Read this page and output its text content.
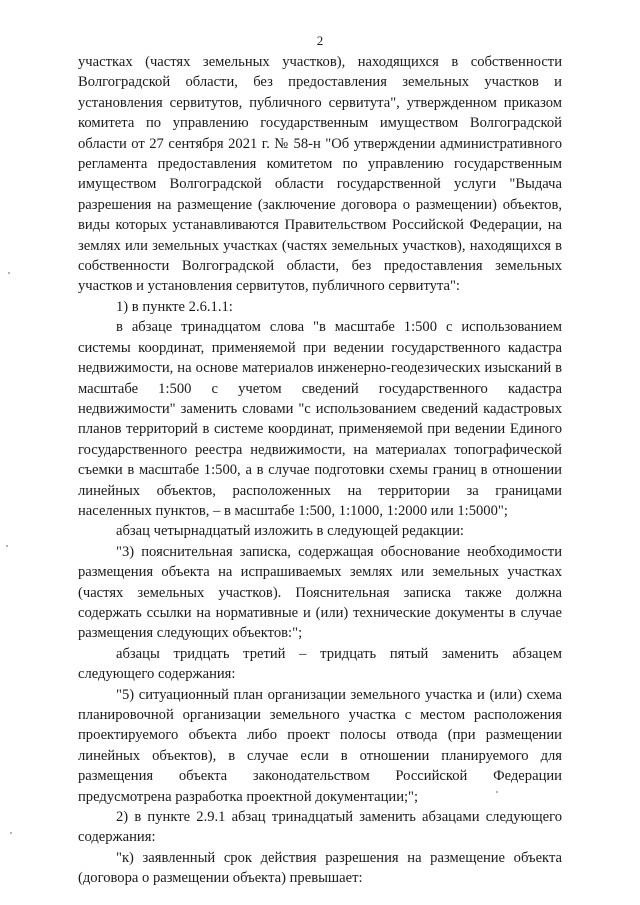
2

участках (частях земельных участков), находящихся в собственности Волгоградской области, без предоставления земельных участков и установления сервитутов, публичного сервитута", утвержденном приказом комитета по управлению государственным имуществом Волгоградской области от 27 сентября 2021 г. № 58-н "Об утверждении административного регламента предоставления комитетом по управлению государственным имуществом Волгоградской области государственной услуги "Выдача разрешения на размещение (заключение договора о размещении) объектов, виды которых устанавливаются Правительством Российской Федерации, на землях или земельных участках (частях земельных участков), находящихся в собственности Волгоградской области, без предоставления земельных участков и установления сервитутов, публичного сервитута":

1) в пункте 2.6.1.1:

в абзаце тринадцатом слова "в масштабе 1:500 с использованием системы координат, применяемой при ведении государственного кадастра недвижимости, на основе материалов инженерно-геодезических изысканий в масштабе 1:500 с учетом сведений государственного кадастра недвижимости" заменить словами "с использованием сведений кадастровых планов территорий в системе координат, применяемой при ведении Единого государственного реестра недвижимости, на материалах топографической съемки в масштабе 1:500, а в случае подготовки схемы границ в отношении линейных объектов, расположенных на территории за границами населенных пунктов, – в масштабе 1:500, 1:1000, 1:2000 или 1:5000";

абзац четырнадцатый изложить в следующей редакции:

"3) пояснительная записка, содержащая обоснование необходимости размещения объекта на испрашиваемых землях или земельных участках (частях земельных участков). Пояснительная записка также должна содержать ссылки на нормативные и (или) технические документы в случае размещения следующих объектов:";

абзацы тридцать третий – тридцать пятый заменить абзацем следующего содержания:

"5) ситуационный план организации земельного участка и (или) схема планировочной организации земельного участка с местом расположения проектируемого объекта либо проект полосы отвода (при размещении линейных объектов), в случае если в отношении планируемого для размещения объекта законодательством Российской Федерации предусмотрена разработка проектной документации;";

2) в пункте 2.9.1 абзац тринадцатый заменить абзацами следующего содержания:

"к) заявленный срок действия разрешения на размещение объекта (договора о размещении объекта) превышает:
